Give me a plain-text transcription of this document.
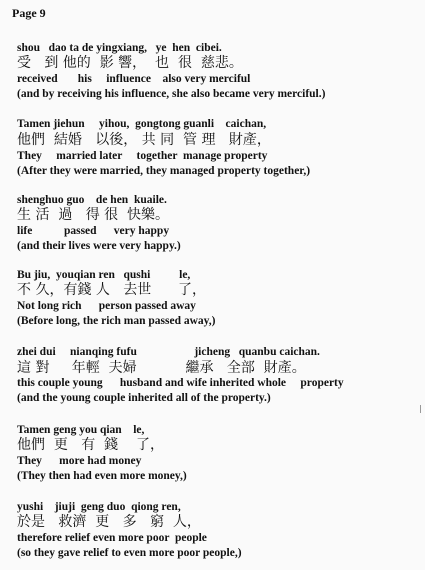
Page 9
shou   dao ta de yingxiang,   ye  hen  cibei.
受   到 他的  影 響，  也  很  慈悲。
received       his     influence    also very merciful
(and by receiving his influence, she also became very merciful.)
Tamen jiehun     yihou,  gongtong guanli    caichan,
他們  結婚   以後， 共 同  管 理   財產，
They     married later     together  manage property
(After they were married, they managed property together,)
shenghuo guo    de hen  kuaile.
生 活  過   得 很  快樂。
life           passed      very happy
(and their lives were very happy.)
Bu jiu,  youqian ren   qushi          le,
不 久，有錢 人   去世      了，
Not long rich      person passed away
(Before long, the rich man passed away,)
zhei dui     nianqing fufu                    jicheng   quanbu caichan.
這 對     年輕  夫婦           繼承   全部  財產。
this couple young      husband and wife inherited whole     property
(and the young couple inherited all of the property.)
Tamen geng you qian    le,
他們  更   有  錢    了，
They      more had money
(They then had even more money,)
yushi    jiuji  geng duo  qiong ren,
於是   救濟  更   多   窮  人，
therefore relief even more poor  people
(so they gave relief to even more poor people,)
